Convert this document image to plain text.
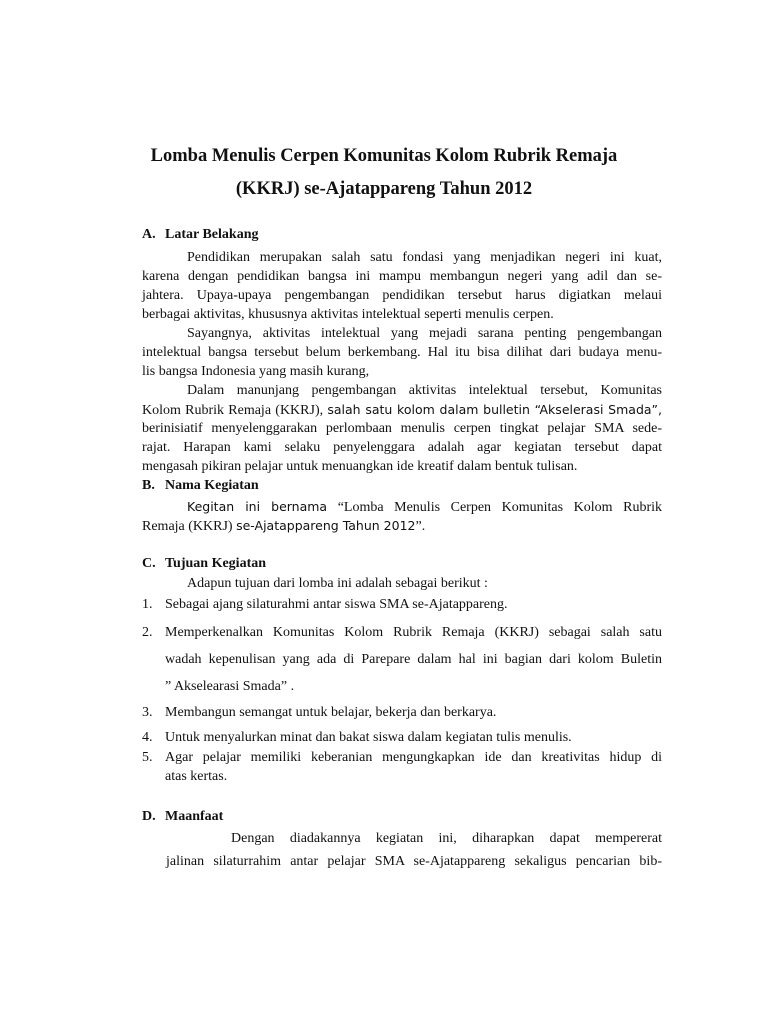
Lomba Menulis Cerpen Komunitas Kolom Rubrik Remaja
(KKRJ) se-Ajatappareng Tahun 2012
A. Latar Belakang
Pendidikan merupakan salah satu fondasi yang menjadikan negeri ini kuat,
karena dengan pendidikan bangsa ini mampu membangun negeri yang adil dan se-
jahtera. Upaya-upaya pengembangan pendidikan tersebut harus digiatkan melaui
berbagai aktivitas, khususnya aktivitas intelektual seperti menulis cerpen.
Sayangnya, aktivitas intelektual yang mejadi sarana penting pengembangan
intelektual bangsa tersebut belum berkembang. Hal itu bisa dilihat dari budaya menu-
lis bangsa Indonesia yang masih kurang,
Dalam manunjang pengembangan aktivitas intelektual tersebut, Komunitas
Kolom Rubrik Remaja (KKRJ), salah satu kolom dalam bulletin “Akselerasi Smada”,
berinisiatif menyelenggarakan perlombaan menulis cerpen tingkat pelajar SMA sede-
rajat. Harapan kami selaku penyelenggara adalah agar kegiatan tersebut dapat
mengasah pikiran pelajar untuk menuangkan ide kreatif dalam bentuk tulisan.
B. Nama Kegiatan
Kegitan ini bernama “Lomba Menulis Cerpen Komunitas Kolom Rubrik
Remaja (KKRJ) se-Ajatappareng Tahun 2012”.
C. Tujuan Kegiatan
Adapun tujuan dari lomba ini adalah sebagai berikut :
1. Sebagai ajang silaturahmi antar siswa SMA se-Ajatappareng.
2. Memperkenalkan Komunitas Kolom Rubrik Remaja (KKRJ) sebagai salah satu
wadah kepenulisan yang ada di Parepare dalam hal ini bagian dari kolom Buletin
” Akselearasi Smada” .
3. Membangun semangat untuk belajar, bekerja dan berkarya.
4. Untuk menyalurkan minat dan bakat siswa dalam kegiatan tulis menulis.
5. Agar pelajar memiliki keberanian mengungkapkan ide dan kreativitas hidup di
atas kertas.
D. Maanfaat
Dengan diadakannya kegiatan ini, diharapkan dapat mempererat
jalinan silaturrahim antar pelajar SMA se-Ajatappareng sekaligus pencarian bib-
